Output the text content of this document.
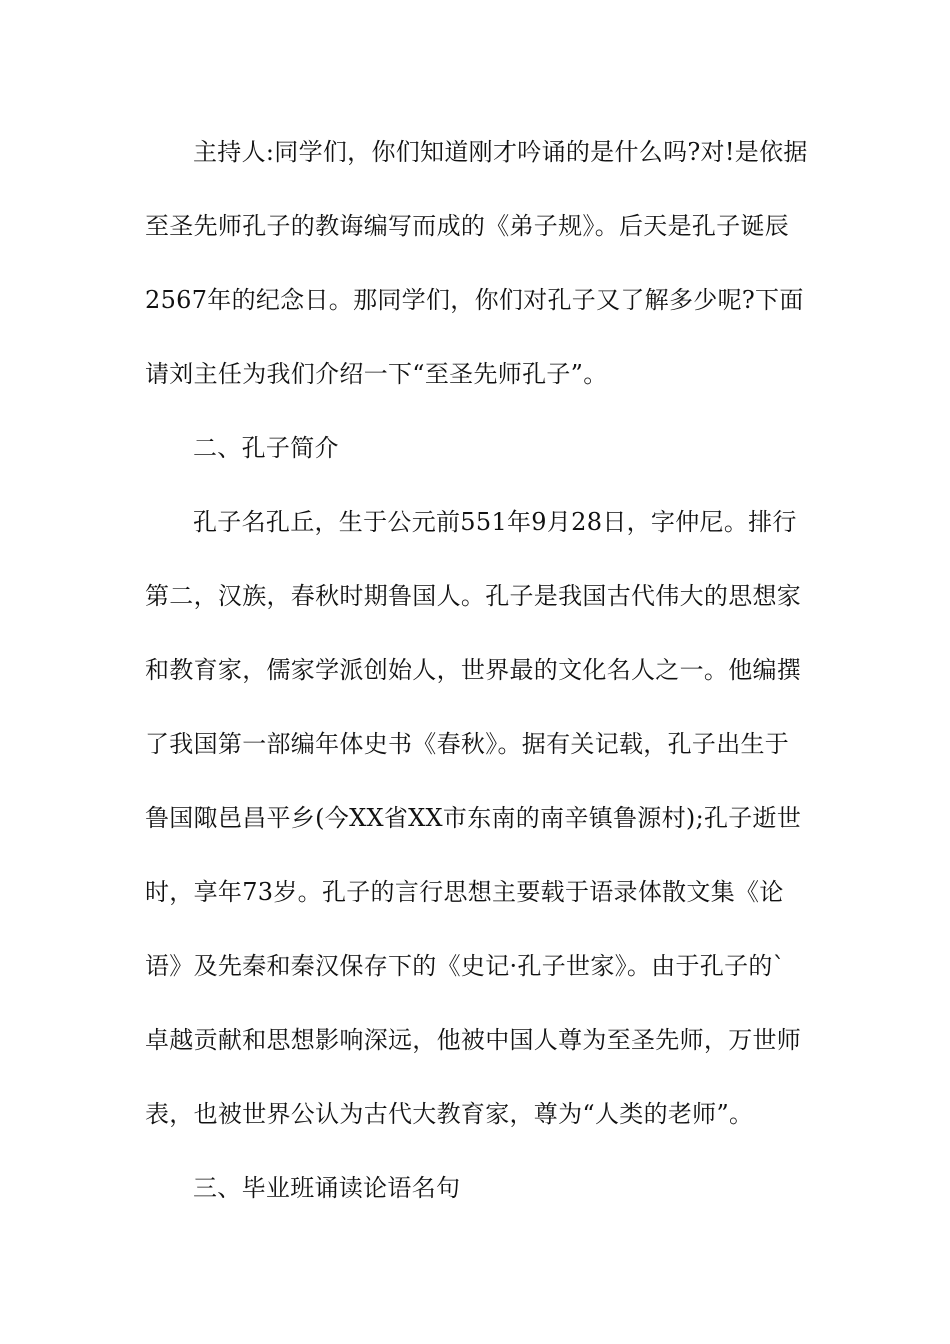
主持人:同学们，你们知道刚才吟诵的是什么吗?对!是依据
至圣先师孔子的教诲编写而成的《弟子规》。后天是孔子诞辰
2567年的纪念日。那同学们，你们对孔子又了解多少呢?下面
请刘主任为我们介绍一下“至圣先师孔子”。
二、孔子简介
孔子名孔丘，生于公元前551年9月28日，字仲尼。排行
第二，汉族，春秋时期鲁国人。孔子是我国古代伟大的思想家
和教育家，儒家学派创始人，世界最的文化名人之一。他编撰
了我国第一部编年体史书《春秋》。据有关记载，孔子出生于
鲁国陬邑昌平乡(今XX省XX市东南的南辛镇鲁源村);孔子逝世
时，享年73岁。孔子的言行思想主要载于语录体散文集《论
语》及先秦和秦汉保存下的《史记·孔子世家》。由于孔子的`
卓越贡献和思想影响深远，他被中国人尊为至圣先师，万世师
表，也被世界公认为古代大教育家，尊为“人类的老师”。
三、毕业班诵读论语名句
